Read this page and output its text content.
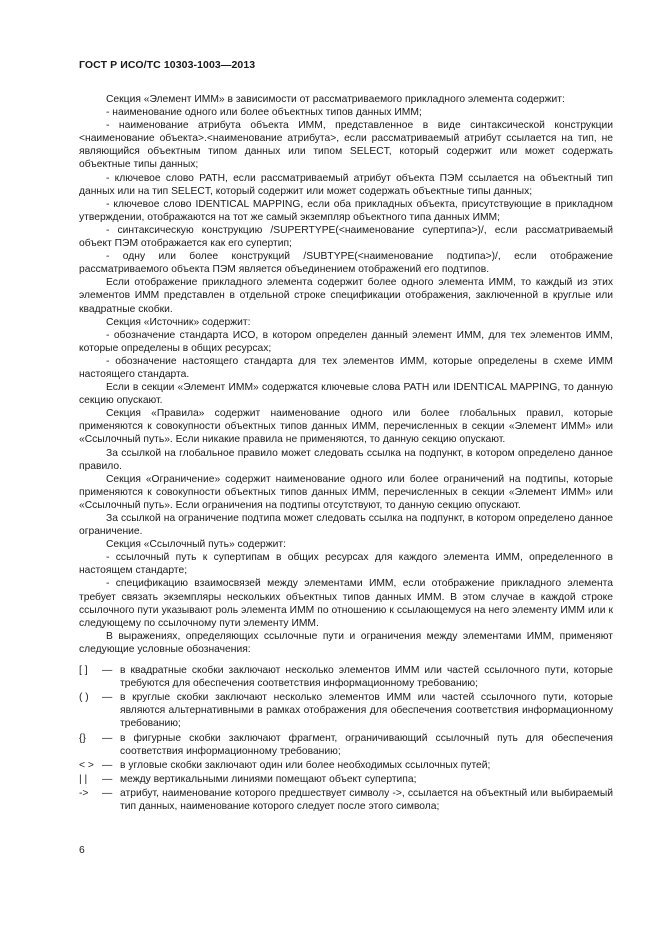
ГОСТ Р ИСО/ТС 10303-1003—2013

Секция «Элемент ИММ» в зависимости от рассматриваемого прикладного элемента содержит:

- наименование одного или более объектных типов данных ИММ;

- наименование атрибута объекта ИММ, представленное в виде синтаксической конструкции <наименование объекта>.<наименование атрибута>, если рассматриваемый атрибут ссылается на тип, не являющийся объектным типом данных или типом SELECT, который содержит или может содержать объектные типы данных;

- ключевое слово PATH, если рассматриваемый атрибут объекта ПЭМ ссылается на объектный тип данных или на тип SELECT, который содержит или может содержать объектные типы данных;

- ключевое слово IDENTICAL MAPPING, если оба прикладных объекта, присутствующие в прикладном утверждении, отображаются на тот же самый экземпляр объектного типа данных ИММ;

- синтаксическую конструкцию /SUPERTYPE(<наименование супертипа>)/, если рассматриваемый объект ПЭМ отображается как его супертип;

- одну или более конструкций /SUBTYPE(<наименование подтипа>)/, если отображение рассматриваемого объекта ПЭМ является объединением отображений его подтипов.

Если отображение прикладного элемента содержит более одного элемента ИММ, то каждый из этих элементов ИММ представлен в отдельной строке спецификации отображения, заключенной в круглые или квадратные скобки.

Секция «Источник» содержит:

- обозначение стандарта ИСО, в котором определен данный элемент ИММ, для тех элементов ИММ, которые определены в общих ресурсах;

- обозначение настоящего стандарта для тех элементов ИММ, которые определены в схеме ИММ настоящего стандарта.

Если в секции «Элемент ИММ» содержатся ключевые слова PATH или IDENTICAL MAPPING, то данную секцию опускают.

Секция «Правила» содержит наименование одного или более глобальных правил, которые применяются к совокупности объектных типов данных ИММ, перечисленных в секции «Элемент ИММ» или «Ссылочный путь». Если никакие правила не применяются, то данную секцию опускают.

За ссылкой на глобальное правило может следовать ссылка на подпункт, в котором определено данное правило.

Секция «Ограничение» содержит наименование одного или более ограничений на подтипы, которые применяются к совокупности объектных типов данных ИММ, перечисленных в секции «Элемент ИММ» или «Ссылочный путь». Если ограничения на подтипы отсутствуют, то данную секцию опускают.

За ссылкой на ограничение подтипа может следовать ссылка на подпункт, в котором определено данное ограничение.

Секция «Ссылочный путь» содержит:

- ссылочный путь к супертипам в общих ресурсах для каждого элемента ИММ, определенного в настоящем стандарте;

- спецификацию взаимосвязей между элементами ИММ, если отображение прикладного элемента требует связать экземпляры нескольких объектных типов данных ИММ. В этом случае в каждой строке ссылочного пути указывают роль элемента ИММ по отношению к ссылающемуся на него элементу ИММ или к следующему по ссылочному пути элементу ИММ.

В выражениях, определяющих ссылочные пути и ограничения между элементами ИММ, применяют следующие условные обозначения:

[ ]	— в квадратные скобки заключают несколько элементов ИММ или частей ссылочного пути, которые требуются для обеспечения соответствия информационному требованию;
( )	— в круглые скобки заключают несколько элементов ИММ или частей ссылочного пути, которые являются альтернативными в рамках отображения для обеспечения соответствия информационному требованию;
{}	— в фигурные скобки заключают фрагмент, ограничивающий ссылочный путь для обеспечения соответствия информационному требованию;
< > — в угловые скобки заключают один или более необходимых ссылочных путей;
| |	— между вертикальными линиями помещают объект супертипа;
->	— атрибут, наименование которого предшествует символу ->, ссылается на объектный или выбираемый тип данных, наименование которого следует после этого символа;
6
